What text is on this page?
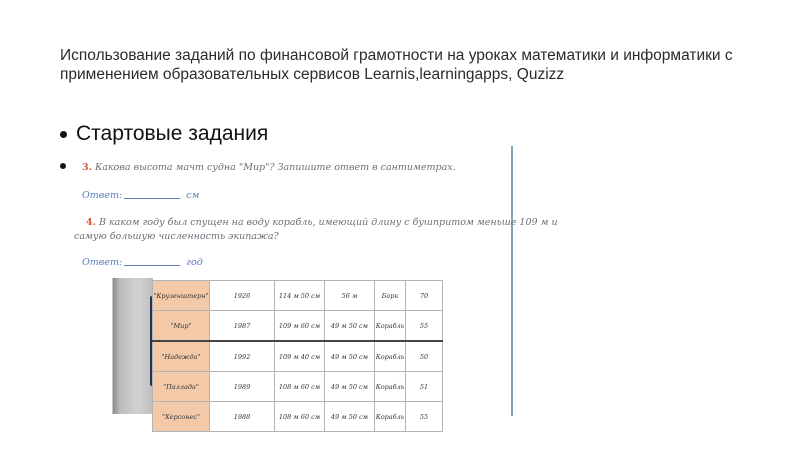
Использование заданий по финансовой грамотности на уроках математики и информатики с применением образовательных сервисов Learnis,learningapps, Quzizz
Стартовые задания
3. Какова высота мачт судна "Мир"? Запишите ответ в сантиметрах.
Ответ:	см
4. В каком году был спущен на воду корабль, имеющий длину с бушпритом меньше 109 м и
самую большую численность экипажа?
Ответ:	год
"Крузенштерн"	1926	114 м 50 см	56 м	Барк	70
"Мир"	1987	109 м 60 см	49 м 50 см	Корабль	55
"Надежда"	1992	109 м 40 см	49 м 50 см	Корабль	50
"Паллада"	1989	108 м 60 см	49 м 50 см	Корабль	51
"Херсонес"	1988	108 м 60 см	49 м 50 см	Корабль	55
